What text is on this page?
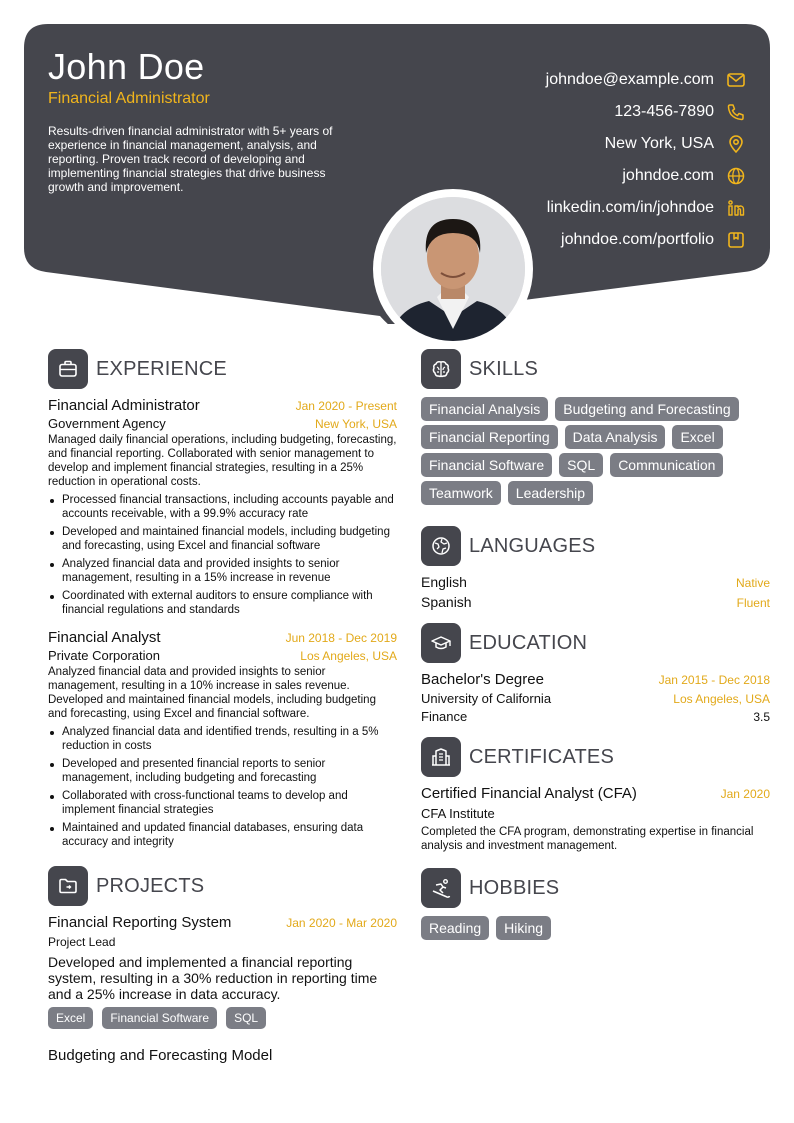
John Doe
Financial Administrator
Results-driven financial administrator with 5+ years of experience in financial management, analysis, and reporting. Proven track record of developing and implementing financial strategies that drive business growth and improvement.
johndoe@example.com
123-456-7890
New York, USA
johndoe.com
linkedin.com/in/johndoe
johndoe.com/portfolio
EXPERIENCE
Financial Administrator	Jan 2020 - Present
Government Agency	New York, USA
Managed daily financial operations, including budgeting, forecasting, and financial reporting. Collaborated with senior management to develop and implement financial strategies, resulting in a 25% reduction in operational costs.
Processed financial transactions, including accounts payable and accounts receivable, with a 99.9% accuracy rate
Developed and maintained financial models, including budgeting and forecasting, using Excel and financial software
Analyzed financial data and provided insights to senior management, resulting in a 15% increase in revenue
Coordinated with external auditors to ensure compliance with financial regulations and standards
Financial Analyst	Jun 2018 - Dec 2019
Private Corporation	Los Angeles, USA
Analyzed financial data and provided insights to senior management, resulting in a 10% increase in sales revenue. Developed and maintained financial models, including budgeting and forecasting, using Excel and financial software.
Analyzed financial data and identified trends, resulting in a 5% reduction in costs
Developed and presented financial reports to senior management, including budgeting and forecasting
Collaborated with cross-functional teams to develop and implement financial strategies
Maintained and updated financial databases, ensuring data accuracy and integrity
PROJECTS
Financial Reporting System	Jan 2020 - Mar 2020
Project Lead
Developed and implemented a financial reporting system, resulting in a 30% reduction in reporting time and a 25% increase in data accuracy.
Excel	Financial Software	SQL
Budgeting and Forecasting Model
SKILLS
Financial Analysis	Budgeting and Forecasting
Financial Reporting	Data Analysis	Excel
Financial Software	SQL	Communication
Teamwork	Leadership
LANGUAGES
English	Native
Spanish	Fluent
EDUCATION
Bachelor's Degree	Jan 2015 - Dec 2018
University of California	Los Angeles, USA
Finance	3.5
CERTIFICATES
Certified Financial Analyst (CFA)	Jan 2020
CFA Institute
Completed the CFA program, demonstrating expertise in financial analysis and investment management.
HOBBIES
Reading	Hiking
